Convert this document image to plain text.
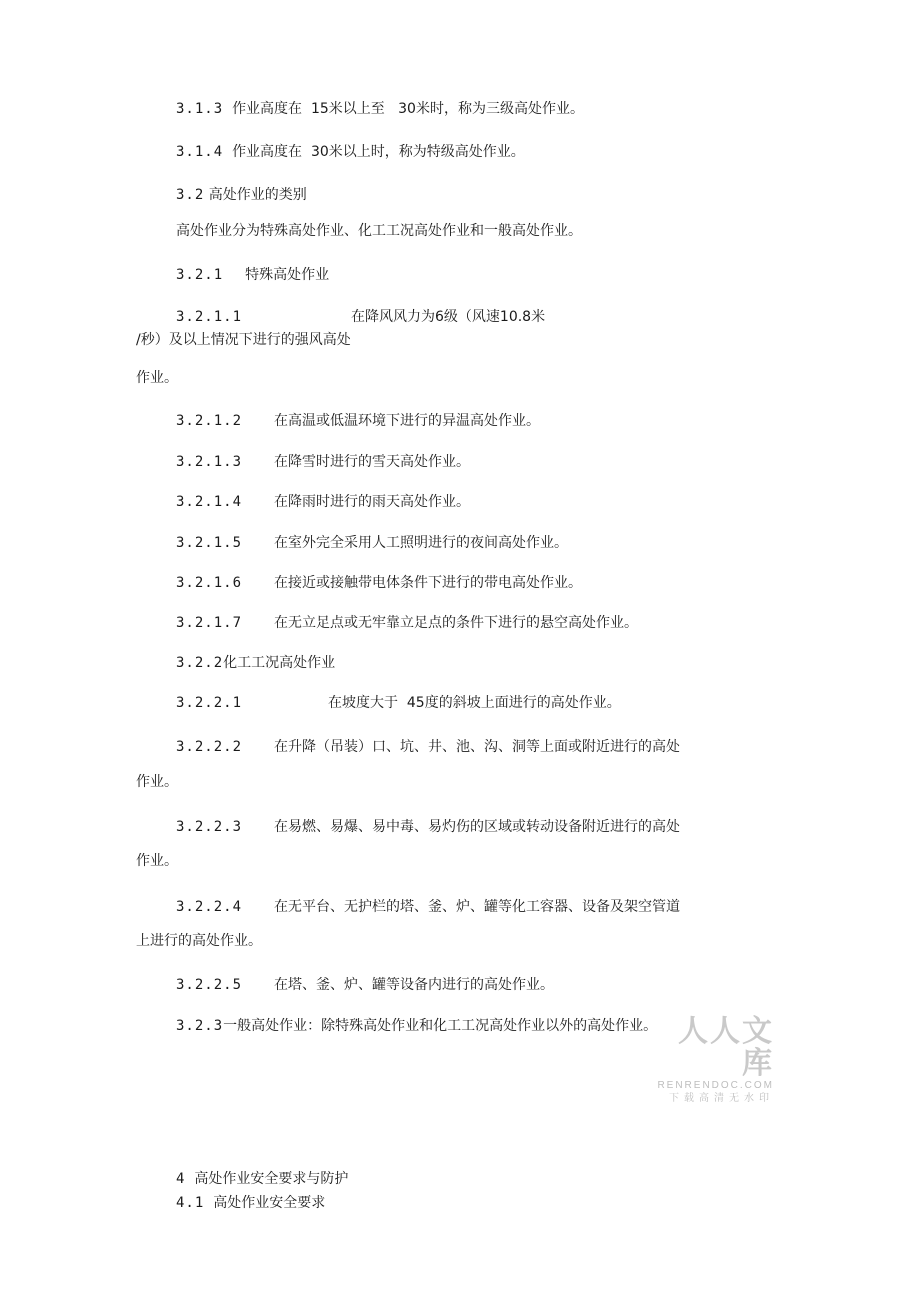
3.1.3 作业高度在  15米以上至   30米时，称为三级高处作业。
3.1.4 作业高度在  30米以上时，称为特级高处作业。
3.2 高处作业的类别
高处作业分为特殊高处作业、化工工况高处作业和一般高处作业。
3.2.1 特殊高处作业
3.2.1.1	在降风风力为6级（风速10.8米
/秒）及以上情况下进行的强风高处
作业。
3.2.1.2 在高温或低温环境下进行的异温高处作业。
3.2.1.3 在降雪时进行的雪天高处作业。
3.2.1.4 在降雨时进行的雨天高处作业。
3.2.1.5 在室外完全采用人工照明进行的夜间高处作业。
3.2.1.6 在接近或接触带电体条件下进行的带电高处作业。
3.2.1.7 在无立足点或无牢靠立足点的条件下进行的悬空高处作业。
3.2.2化工工况高处作业
3.2.2.1	在坡度大于  45度的斜坡上面进行的高处作业。
3.2.2.2 在升降（吊装）口、坑、井、池、沟、洞等上面或附近进行的高处
作业。
3.2.2.3 在易燃、易爆、易中毒、易灼伤的区域或转动设备附近进行的高处
作业。
3.2.2.4 在无平台、无护栏的塔、釜、炉、罐等化工容器、设备及架空管道
上进行的高处作业。
3.2.2.5 在塔、釜、炉、罐等设备内进行的高处作业。
3.2.3一般高处作业：除特殊高处作业和化工工况高处作业以外的高处作业。 人人文库
RENRENDOC.COM
下载高清无水印
4 高处作业安全要求与防护
4.1 高处作业安全要求
